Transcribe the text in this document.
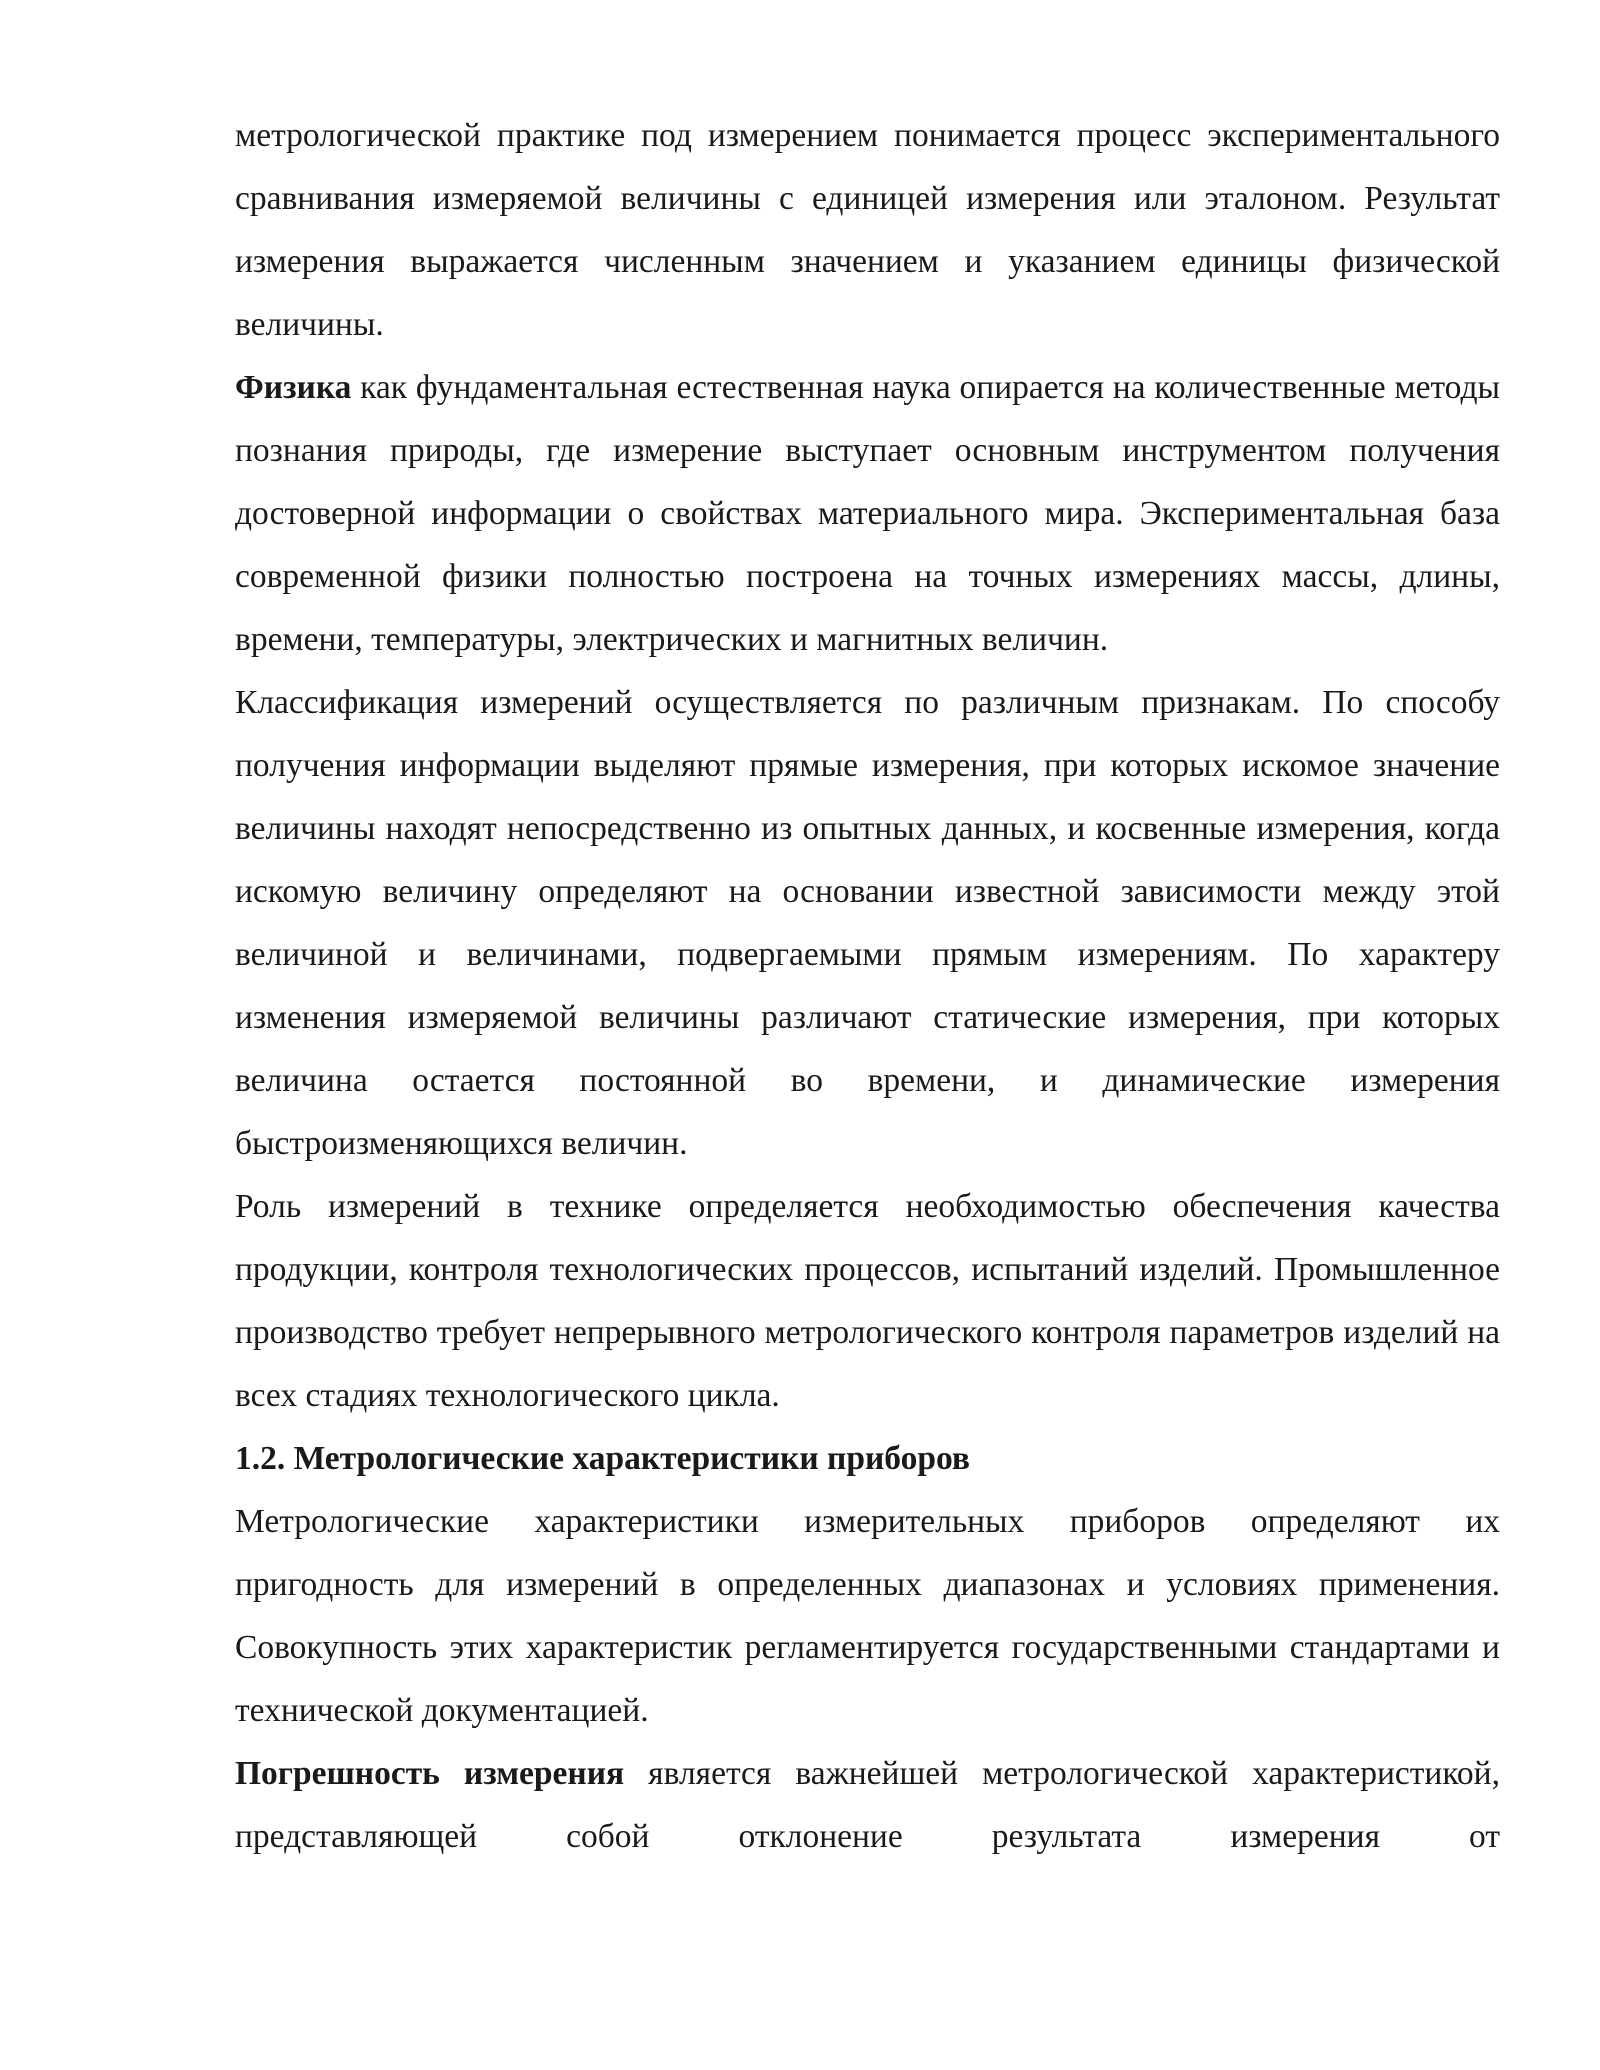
метрологической практике под измерением понимается процесс экспериментального сравнивания измеряемой величины с единицей измерения или эталоном. Результат измерения выражается численным значением и указанием единицы физической величины.

Физика как фундаментальная естественная наука опирается на количественные методы познания природы, где измерение выступает основным инструментом получения достоверной информации о свойствах материального мира. Экспериментальная база современной физики полностью построена на точных измерениях массы, длины, времени, температуры, электрических и магнитных величин.

Классификация измерений осуществляется по различным признакам. По способу получения информации выделяют прямые измерения, при которых искомое значение величины находят непосредственно из опытных данных, и косвенные измерения, когда искомую величину определяют на основании известной зависимости между этой величиной и величинами, подвергаемыми прямым измерениям. По характеру изменения измеряемой величины различают статические измерения, при которых величина остается постоянной во времени, и динамические измерения быстроизменяющихся величин.

Роль измерений в технике определяется необходимостью обеспечения качества продукции, контроля технологических процессов, испытаний изделий. Промышленное производство требует непрерывного метрологического контроля параметров изделий на всех стадиях технологического цикла.

1.2. Метрологические характеристики приборов

Метрологические характеристики измерительных приборов определяют их пригодность для измерений в определенных диапазонах и условиях применения. Совокупность этих характеристик регламентируется государственными стандартами и технической документацией.

Погрешность измерения является важнейшей метрологической характеристикой, представляющей собой отклонение результата измерения от
